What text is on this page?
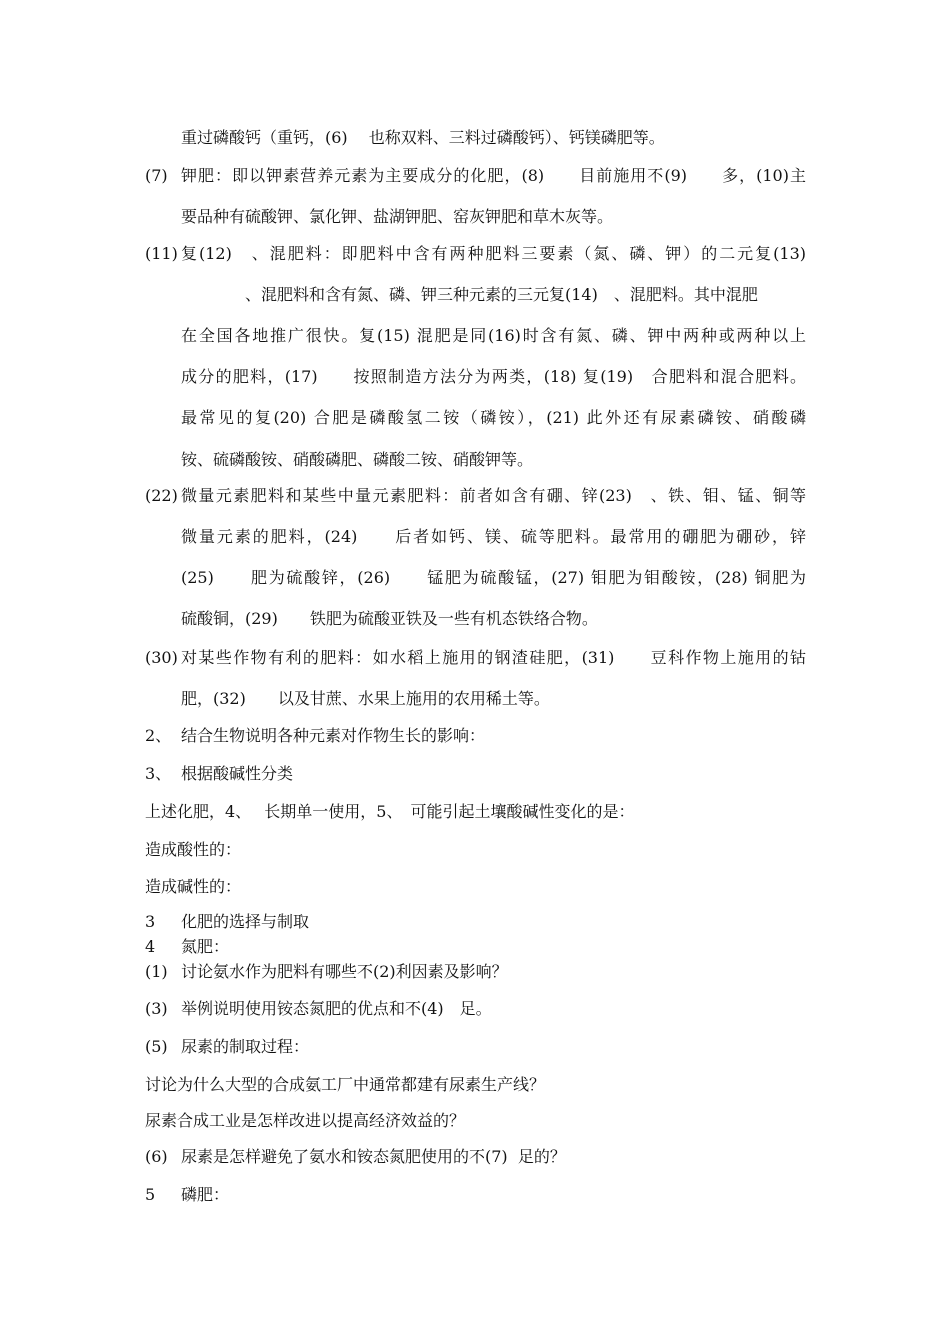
重过磷酸钙（重钙，(6)　 也称双料、三料过磷酸钙）、钙镁磷肥等。
(7) 钾肥：即以钾素营养元素为主要成分的化肥，(8)　　目前施用不(9)　　多，(10)主
要品种有硫酸钾、氯化钾、盐湖钾肥、窑灰钾肥和草木灰等。
(11) 复(12)　、混肥料：即肥料中含有两种肥料三要素（氮、磷、钾）的二元复(13)
、混肥料和含有氮、磷、钾三种元素的三元复(14)　、混肥料。其中混肥
在全国各地推广很快。复(15) 混肥是同(16)时含有氮、磷、钾中两种或两种以上
成分的肥料，(17)　　按照制造方法分为两类，(18) 复(19)　合肥料和混合肥料。
最常见的复(20) 合肥是磷酸氢二铵（磷铵），(21) 此外还有尿素磷铵、硝酸磷
铵、硫磷酸铵、硝酸磷肥、磷酸二铵、硝酸钾等。
(22) 微量元素肥料和某些中量元素肥料：前者如含有硼、锌(23)　、铁、钼、锰、铜等
微量元素的肥料，(24)　　后者如钙、镁、硫等肥料。最常用的硼肥为硼砂，锌
(25)　　肥为硫酸锌，(26)　　锰肥为硫酸锰，(27) 钼肥为钼酸铵，(28) 铜肥为
硫酸铜，(29)　　铁肥为硫酸亚铁及一些有机态铁络合物。
(30) 对某些作物有利的肥料：如水稻上施用的钢渣硅肥，(31)　　豆科作物上施用的钴
肥，(32)　　以及甘蔗、水果上施用的农用稀土等。
2、 结合生物说明各种元素对作物生长的影响：
3、 根据酸碱性分类
上述化肥，4、　 长期单一使用，5、　可能引起土壤酸碱性变化的是：
造成酸性的：
造成碱性的：
3 化肥的选择与制取
4 氮肥：
(1) 讨论氨水作为肥料有哪些不(2)利因素及影响？
(3) 举例说明使用铵态氮肥的优点和不(4)　足。
(5) 尿素的制取过程：
讨论为什么大型的合成氨工厂中通常都建有尿素生产线？
尿素合成工业是怎样改进以提高经济效益的？
(6) 尿素是怎样避免了氨水和铵态氮肥使用的不(7)  足的？
5 磷肥：
